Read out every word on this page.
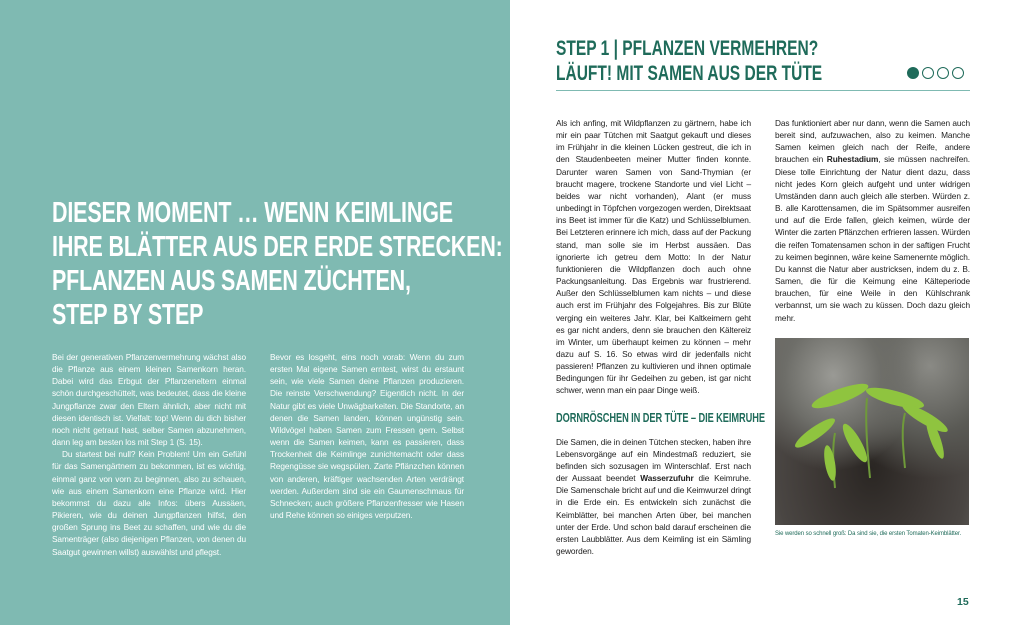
DIESER MOMENT … WENN KEIMLINGE
IHRE BLÄTTER AUS DER ERDE STRECKEN:
PFLANZEN AUS SAMEN ZÜCHTEN,
STEP BY STEP

Bei der generativen Pflanzenvermehrung wächst also die Pflanze aus einem kleinen Samenkorn heran. Dabei wird das Erbgut der Pflanzeneltern einmal schön durchgeschüttelt, was bedeutet, dass die kleine Jungpflanze zwar den Eltern ähnlich, aber nicht mit diesen identisch ist. Vielfalt: top! Wenn du dich bisher noch nicht getraut hast, selber Samen abzunehmen, dann leg am besten los mit Step 1 (S. 15).

Du startest bei null? Kein Problem! Um ein Gefühl für das Samengärtnern zu bekommen, ist es wichtig, einmal ganz von vorn zu beginnen, also zu schauen, wie aus einem Samenkorn eine Pflanze wird. Hier bekommst du dazu alle Infos: übers Aussäen, Pikieren, wie du deinen Jungpflanzen hilfst, den großen Sprung ins Beet zu schaffen, und wie du die Samenträger (also diejenigen Pflanzen, von denen du Saatgut gewinnen willst) auswählst und pflegst.

Bevor es losgeht, eins noch vorab: Wenn du zum ersten Mal eigene Samen erntest, wirst du erstaunt sein, wie viele Samen deine Pflanzen produzieren. Die reinste Verschwendung? Eigentlich nicht. In der Natur gibt es viele Unwägbarkeiten. Die Standorte, an denen die Samen landen, können ungünstig sein. Wildvögel haben Samen zum Fressen gern. Selbst wenn die Samen keimen, kann es passieren, dass Trockenheit die Keimlinge zunichtemacht oder dass Regengüsse sie wegspülen. Zarte Pflänzchen können von anderen, kräftiger wachsenden Arten verdrängt werden. Außerdem sind sie ein Gaumenschmaus für Schnecken; auch größere Pflanzenfresser wie Hasen und Rehe können so einiges verputzen.

STEP 1 | PFLANZEN VERMEHREN?
LÄUFT! MIT SAMEN AUS DER TÜTE

Als ich anfing, mit Wildpflanzen zu gärtnern, habe ich mir ein paar Tütchen mit Saatgut gekauft und dieses im Frühjahr in die kleinen Lücken gestreut, die ich in den Staudenbeeten meiner Mutter finden konnte. Darunter waren Samen von Sand-Thymian (er braucht magere, trockene Standorte und viel Licht – beides war nicht vorhanden), Alant (er muss unbedingt in Töpfchen vorgezogen werden, Direktsaat ins Beet ist immer für die Katz) und Schlüsselblumen. Bei Letzteren erinnere ich mich, dass auf der Packung stand, man solle sie im Herbst aussäen. Das ignorierte ich getreu dem Motto: In der Natur funktionieren die Wildpflanzen doch auch ohne Packungsanleitung. Das Ergebnis war frustrierend. Außer den Schlüsselblumen kam nichts – und diese auch erst im Frühjahr des Folgejahres. Bis zur Blüte verging ein weiteres Jahr. Klar, bei Kaltkeimern geht es gar nicht anders, denn sie brauchen den Kältereiz im Winter, um überhaupt keimen zu können – mehr dazu auf S. 16. So etwas wird dir jedenfalls nicht passieren! Pflanzen zu kultivieren und ihnen optimale Bedingungen für ihr Gedeihen zu geben, ist gar nicht schwer, wenn man ein paar Dinge weiß.

DORNRÖSCHEN IN DER TÜTE – DIE KEIMRUHE

Die Samen, die in deinen Tütchen stecken, haben ihre Lebensvorgänge auf ein Mindestmaß reduziert, sie befinden sich sozusagen im Winterschlaf. Erst nach der Aussaat beendet Wasserzufuhr die Keimruhe. Die Samenschale bricht auf und die Keimwurzel dringt in die Erde ein. Es entwickeln sich zunächst die Keimblätter, bei manchen Arten über, bei manchen unter der Erde. Und schon bald darauf erscheinen die ersten Laubblätter. Aus dem Keimling ist ein Sämling geworden.

Das funktioniert aber nur dann, wenn die Samen auch bereit sind, aufzuwachen, also zu keimen. Manche Samen keimen gleich nach der Reife, andere brauchen ein Ruhestadium, sie müssen nachreifen. Diese tolle Einrichtung der Natur dient dazu, dass nicht jedes Korn gleich aufgeht und unter widrigen Umständen dann auch gleich alle sterben. Würden z. B. alle Karottensamen, die im Spätsommer ausreifen und auf die Erde fallen, gleich keimen, würde der Winter die zarten Pflänzchen erfrieren lassen. Würden die reifen Tomatensamen schon in der saftigen Frucht zu keimen beginnen, wäre keine Samenernte möglich. Du kannst die Natur aber austricksen, indem du z. B. Samen, die für die Keimung eine Kälteperiode brauchen, für eine Weile in den Kühlschrank verbannst, um sie wach zu küssen. Doch dazu gleich mehr.

Sie werden so schnell groß: Da sind sie, die ersten Tomaten-Keimblätter.
15
